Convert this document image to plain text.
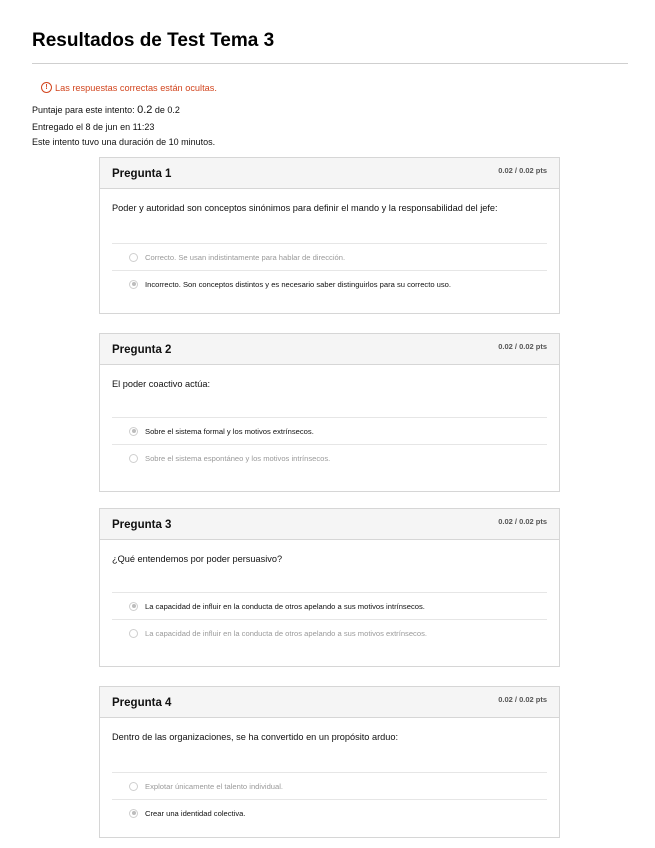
Resultados de Test Tema 3
! Las respuestas correctas están ocultas.
Puntaje para este intento: 0.2 de 0.2
Entregado el 8 de jun en 11:23
Este intento tuvo una duración de 10 minutos.
Pregunta 1	0.02 / 0.02 pts
Poder y autoridad son conceptos sinónimos para definir el mando y la responsabilidad del jefe:
Correcto. Se usan indistintamente para hablar de dirección.
Incorrecto. Son conceptos distintos y es necesario saber distinguirlos para su correcto uso.
Pregunta 2	0.02 / 0.02 pts
El poder coactivo actúa:
Sobre el sistema formal y los motivos extrínsecos.
Sobre el sistema espontáneo y los motivos intrínsecos.
Pregunta 3	0.02 / 0.02 pts
¿Qué entendemos por poder persuasivo?
La capacidad de influir en la conducta de otros apelando a sus motivos intrínsecos.
La capacidad de influir en la conducta de otros apelando a sus motivos extrínsecos.
Pregunta 4	0.02 / 0.02 pts
Dentro de las organizaciones, se ha convertido en un propósito arduo:
Explotar únicamente el talento individual.
Crear una identidad colectiva.
